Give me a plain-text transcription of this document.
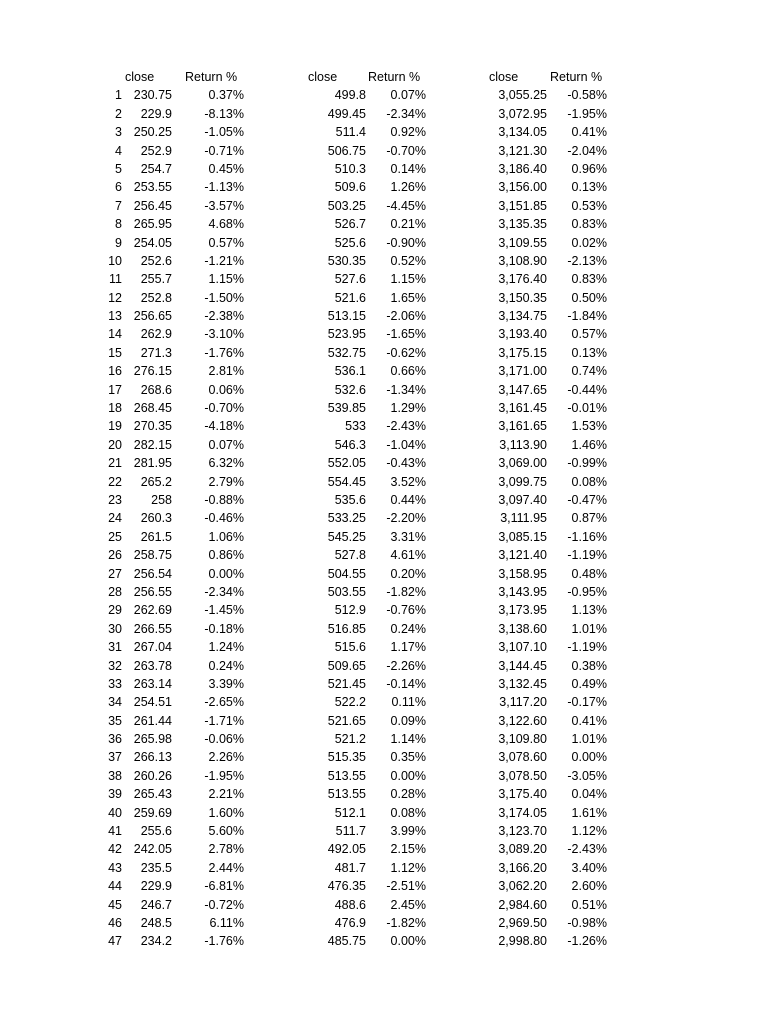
close	Return %	close	Return %	close	Return %
1 230.75	0.37%	499.8	0.07%	3,055.25	-0.58%
2	229.9	-8.13%	499.45	-2.34%	3,072.95	-1.95%
3 250.25	-1.05%	511.4	0.92%	3,134.05	0.41%
4	252.9	-0.71%	506.75	-0.70%	3,121.30	-2.04%
5	254.7	0.45%	510.3	0.14%	3,186.40	0.96%
6 253.55	-1.13%	509.6	1.26%	3,156.00	0.13%
7 256.45	-3.57%	503.25	-4.45%	3,151.85	0.53%
8 265.95	4.68%	526.7	0.21%	3,135.35	0.83%
9 254.05	0.57%	525.6	-0.90%	3,109.55	0.02%
10	252.6	-1.21%	530.35	0.52%	3,108.90	-2.13%
11	255.7	1.15%	527.6	1.15%	3,176.40	0.83%
12	252.8	-1.50%	521.6	1.65%	3,150.35	0.50%
13 256.65	-2.38%	513.15	-2.06%	3,134.75	-1.84%
14	262.9	-3.10%	523.95	-1.65%	3,193.40	0.57%
15	271.3	-1.76%	532.75	-0.62%	3,175.15	0.13%
16 276.15	2.81%	536.1	0.66%	3,171.00	0.74%
17	268.6	0.06%	532.6	-1.34%	3,147.65	-0.44%
18 268.45	-0.70%	539.85	1.29%	3,161.45	-0.01%
19 270.35	-4.18%	533	-2.43%	3,161.65	1.53%
20 282.15	0.07%	546.3	-1.04%	3,113.90	1.46%
21 281.95	6.32%	552.05	-0.43%	3,069.00	-0.99%
22	265.2	2.79%	554.45	3.52%	3,099.75	0.08%
23	258	-0.88%	535.6	0.44%	3,097.40	-0.47%
24	260.3	-0.46%	533.25	-2.20%	3,111.95	0.87%
25	261.5	1.06%	545.25	3.31%	3,085.15	-1.16%
26 258.75	0.86%	527.8	4.61%	3,121.40	-1.19%
27 256.54	0.00%	504.55	0.20%	3,158.95	0.48%
28 256.55	-2.34%	503.55	-1.82%	3,143.95	-0.95%
29 262.69	-1.45%	512.9	-0.76%	3,173.95	1.13%
30 266.55	-0.18%	516.85	0.24%	3,138.60	1.01%
31 267.04	1.24%	515.6	1.17%	3,107.10	-1.19%
32 263.78	0.24%	509.65	-2.26%	3,144.45	0.38%
33 263.14	3.39%	521.45	-0.14%	3,132.45	0.49%
34 254.51	-2.65%	522.2	0.11%	3,117.20	-0.17%
35 261.44	-1.71%	521.65	0.09%	3,122.60	0.41%
36 265.98	-0.06%	521.2	1.14%	3,109.80	1.01%
37 266.13	2.26%	515.35	0.35%	3,078.60	0.00%
38 260.26	-1.95%	513.55	0.00%	3,078.50	-3.05%
39 265.43	2.21%	513.55	0.28%	3,175.40	0.04%
40 259.69	1.60%	512.1	0.08%	3,174.05	1.61%
41	255.6	5.60%	511.7	3.99%	3,123.70	1.12%
42 242.05	2.78%	492.05	2.15%	3,089.20	-2.43%
43	235.5	2.44%	481.7	1.12%	3,166.20	3.40%
44	229.9	-6.81%	476.35	-2.51%	3,062.20	2.60%
45	246.7	-0.72%	488.6	2.45%	2,984.60	0.51%
46	248.5	6.11%	476.9	-1.82%	2,969.50	-0.98%
47	234.2	-1.76%	485.75	0.00%	2,998.80	-1.26%
